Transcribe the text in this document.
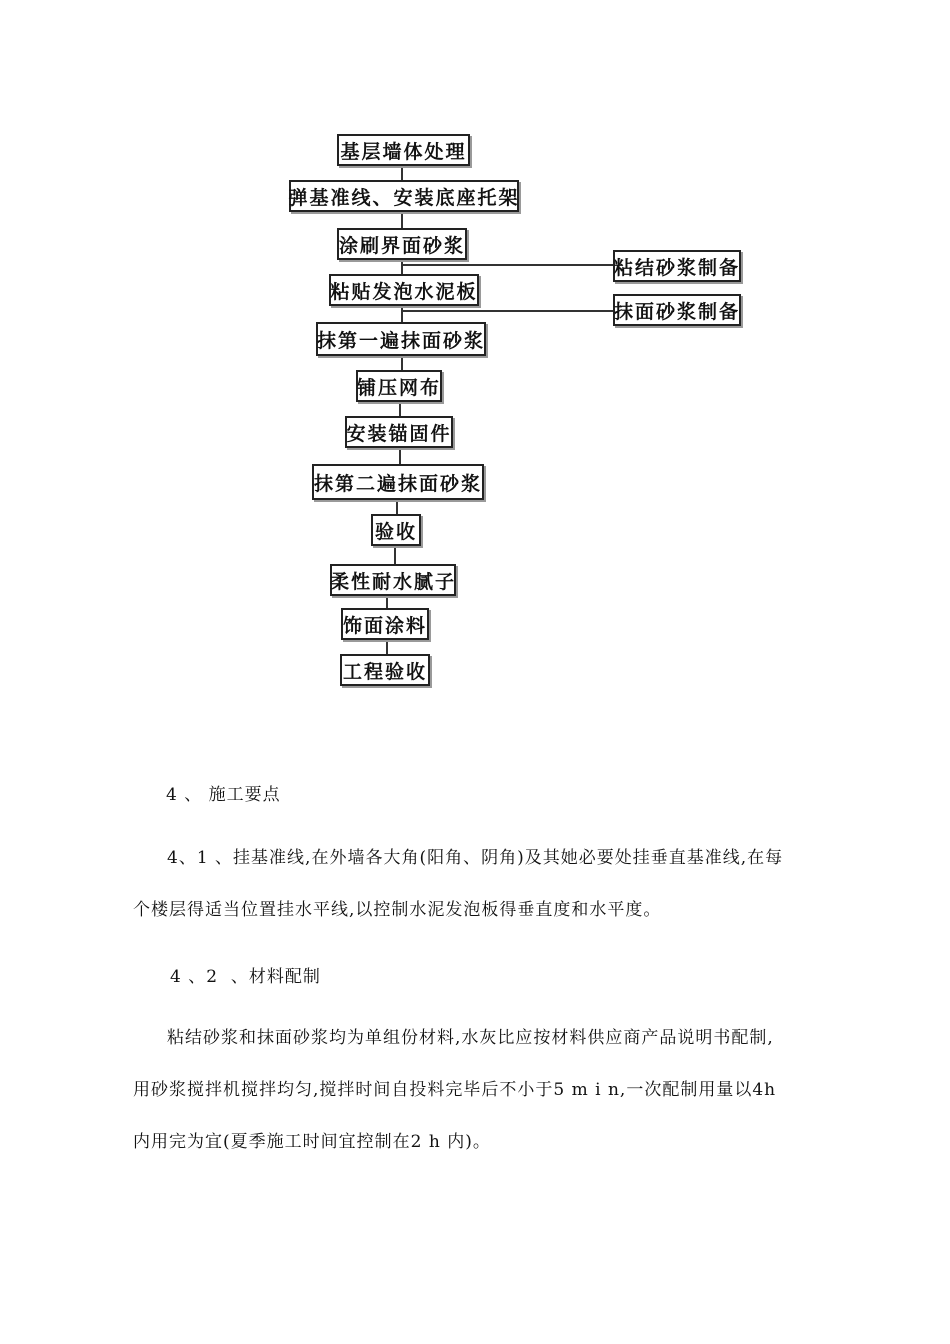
基层墙体处理
弹基准线、安装底座托架
涂刷界面砂浆
粘贴发泡水泥板
抹第一遍抹面砂浆
铺压网布
安装锚固件
抹第二遍抹面砂浆
验收
柔性耐水腻子
饰面涂料
工程验收
粘结砂浆制备
抹面砂浆制备
4 、 施工要点

4、1 、挂基准线,在外墙各大角(阳角、阴角)及其她必要处挂垂直基准线,在每

个楼层得适当位置挂水平线,以控制水泥发泡板得垂直度和水平度。

4 、2  、材料配制

粘结砂浆和抹面砂浆均为单组份材料,水灰比应按材料供应商产品说明书配制,

用砂浆搅拌机搅拌均匀,搅拌时间自投料完毕后不小于5 m i n,一次配制用量以4h

内用完为宜(夏季施工时间宜控制在2 h 内)。
